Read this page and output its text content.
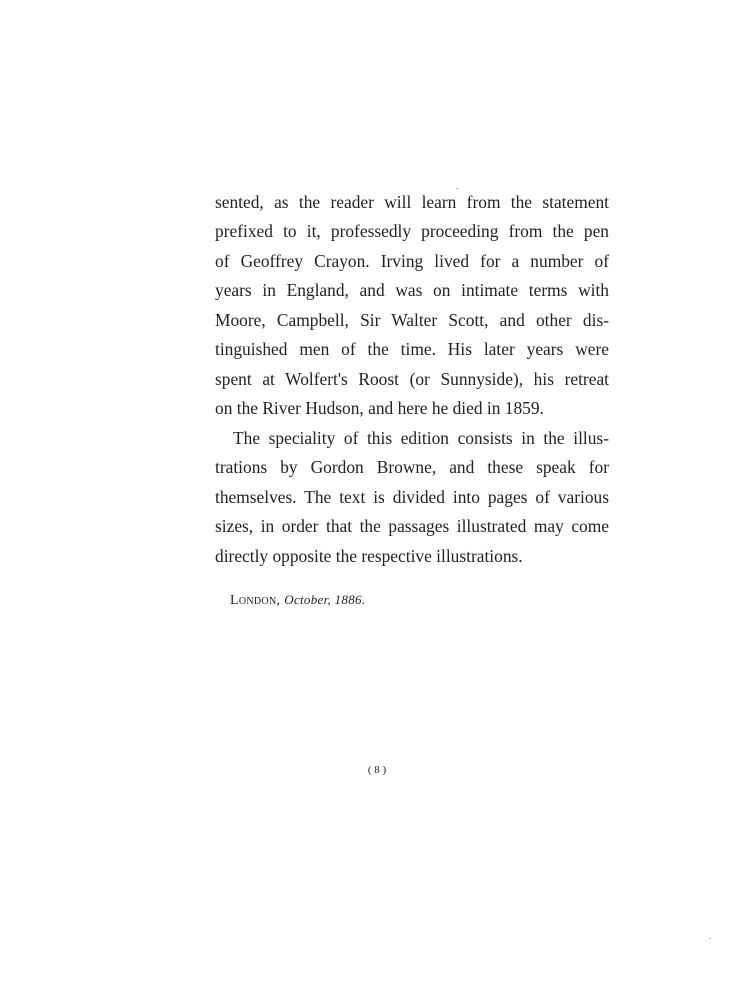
sented, as the reader will learn from the statement
prefixed to it, professedly proceeding from the pen
of Geoffrey Crayon. Irving lived for a number of
years in England, and was on intimate terms with
Moore, Campbell, Sir Walter Scott, and other dis-
tinguished men of the time. His later years were
spent at Wolfert's Roost (or Sunnyside), his retreat
on the River Hudson, and here he died in 1859.
The speciality of this edition consists in the illus-
trations by Gordon Browne, and these speak for
themselves. The text is divided into pages of various
sizes, in order that the passages illustrated may come
directly opposite the respective illustrations.
London, October, 1886.
( 8 )
